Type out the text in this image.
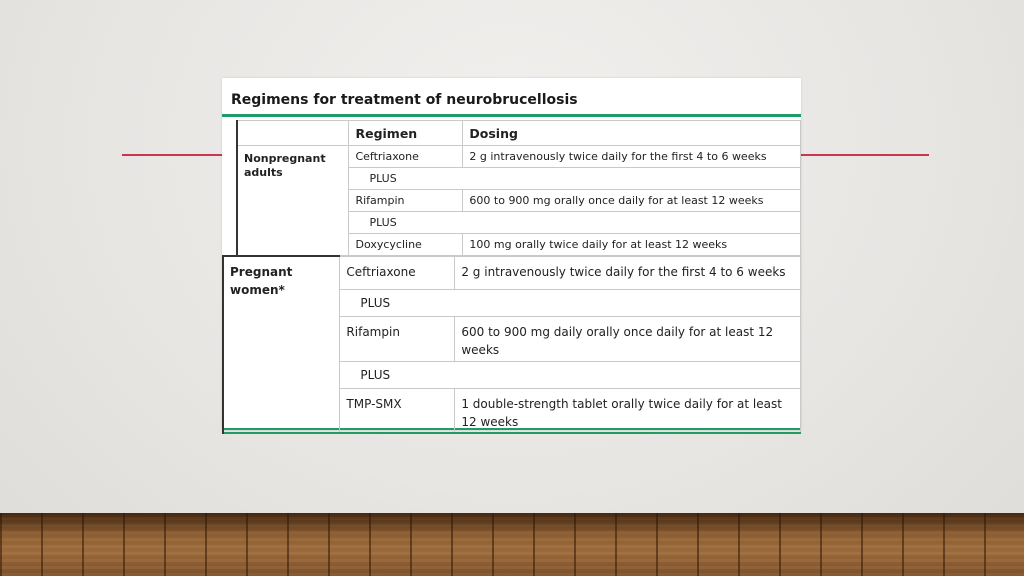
Regimens for treatment of neurobrucellosis
	Regimen	Dosing
Nonpregnant adults	Ceftriaxone	2 g intravenously twice daily for the first 4 to 6 weeks
	PLUS	
	Rifampin	600 to 900 mg orally once daily for at least 12 weeks
	PLUS	
	Doxycycline	100 mg orally twice daily for at least 12 weeks
Pregnant women*	Ceftriaxone	2 g intravenously twice daily for the first 4 to 6 weeks
	PLUS	
	Rifampin	600 to 900 mg daily orally once daily for at least 12 weeks
	PLUS	
	TMP-SMX	1 double-strength tablet orally twice daily for at least 12 weeks
